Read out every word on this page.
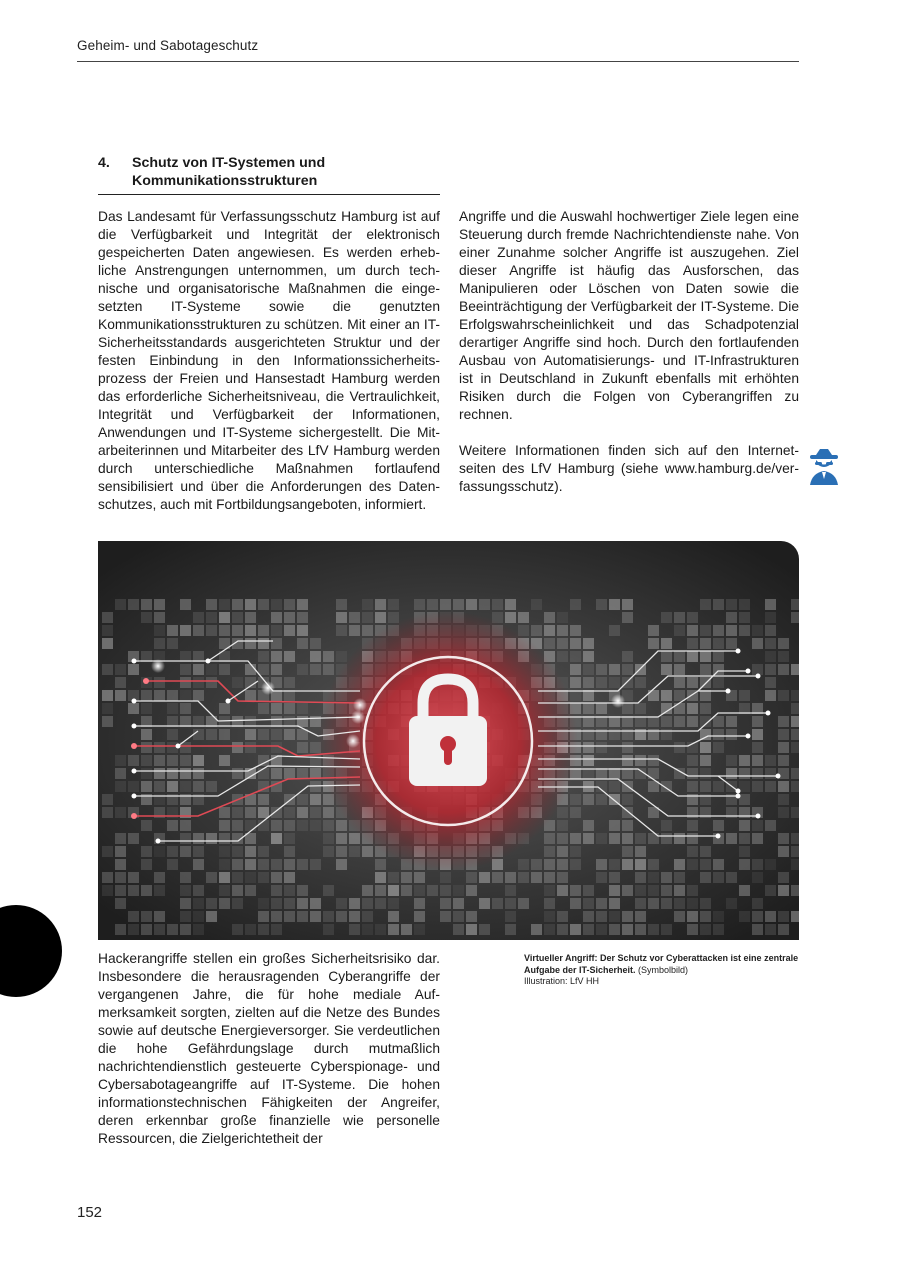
Geheim- und Sabotageschutz
4. Schutz von IT-Systemen und
Kommunikationsstrukturen

Das Landesamt für Verfassungsschutz Hamburg ist auf die Verfügbarkeit und Integrität der elektronisch gespeicherten Daten angewiesen. Es werden erhebliche Anstrengungen unternommen, um durch technische und organisatorische Maßnahmen die eingesetzten IT-Systeme sowie die genutzten Kommunikationsstrukturen zu schützen. Mit einer an IT-Sicherheitsstandards ausgerichteten Struktur und der festen Einbindung in den Informationssicherheitsprozess der Freien und Hansestadt Hamburg werden das erforderliche Sicherheitsniveau, die Vertraulichkeit, Integrität und Verfügbarkeit der Informationen, Anwendungen und IT-Systeme sichergestellt. Die Mitarbeiterinnen und Mitarbeiter des LfV Hamburg werden durch unterschiedliche Maßnahmen fortlaufend sensibilisiert und über die Anforderungen des Datenschutzes, auch mit Fortbildungsangeboten, informiert.

Angriffe und die Auswahl hochwertiger Ziele legen eine Steuerung durch fremde Nachrichtendienste nahe. Von einer Zunahme solcher Angriffe ist auszugehen. Ziel dieser Angriffe ist häufig das Ausforschen, das Manipulieren oder Löschen von Daten sowie die Beeinträchtigung der Verfügbarkeit der IT-Systeme. Die Erfolgswahrscheinlichkeit und das Schadpotenzial derartiger Angriffe sind hoch. Durch den fortlaufenden Ausbau von Automatisierungs- und IT-Infrastrukturen ist in Deutschland in Zukunft ebenfalls mit erhöhten Risiken durch die Folgen von Cyberangriffen zu rechnen.

Weitere Informationen finden sich auf den Internetseiten des LfV Hamburg (siehe www.hamburg.de/verfassungsschutz).

Virtueller Angriff: Der Schutz vor Cyberattacken ist eine zentrale Aufgabe der IT-Sicherheit. (Symbolbild)
Illustration: LfV HH

Hackerangriffe stellen ein großes Sicherheitsrisiko dar. Insbesondere die herausragenden Cyberangriffe der vergangenen Jahre, die für hohe mediale Aufmerksamkeit sorgten, zielten auf die Netze des Bundes sowie auf deutsche Energieversorger. Sie verdeutlichen die hohe Gefährdungslage durch mutmaßlich nachrichtendienstlich gesteuerte Cyberspionage- und Cybersabotageangriffe auf IT-Systeme. Die hohen informationstechnischen Fähigkeiten der Angreifer, deren erkennbar große finanzielle wie personelle Ressourcen, die Zielgerichtetheit der

152
